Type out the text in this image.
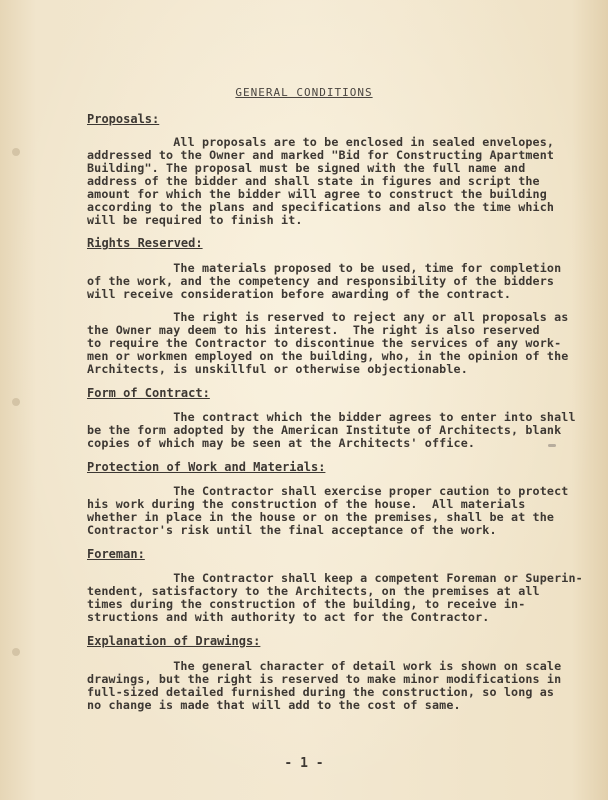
GENERAL CONDITIONS
Proposals:
All proposals are to be enclosed in sealed envelopes,
addressed to the Owner and marked "Bid for Constructing Apartment
Building". The proposal must be signed with the full name and
address of the bidder and shall state in figures and script the
amount for which the bidder will agree to construct the building
according to the plans and specifications and also the time which
will be required to finish it.
Rights Reserved:
The materials proposed to be used, time for completion
of the work, and the competency and responsibility of the bidders
will receive consideration before awarding of the contract.
The right is reserved to reject any or all proposals as
the Owner may deem to his interest.  The right is also reserved
to require the Contractor to discontinue the services of any work-
men or workmen employed on the building, who, in the opinion of the
Architects, is unskillful or otherwise objectionable.
Form of Contract:
The contract which the bidder agrees to enter into shall
be the form adopted by the American Institute of Architects, blank
copies of which may be seen at the Architects' office.
Protection of Work and Materials:
The Contractor shall exercise proper caution to protect
his work during the construction of the house.  All materials
whether in place in the house or on the premises, shall be at the
Contractor's risk until the final acceptance of the work.
Foreman:
The Contractor shall keep a competent Foreman or Superin-
tendent, satisfactory to the Architects, on the premises at all
times during the construction of the building, to receive in-
structions and with authority to act for the Contractor.
Explanation of Drawings:
The general character of detail work is shown on scale
drawings, but the right is reserved to make minor modifications in
full-sized detailed furnished during the construction, so long as
no change is made that will add to the cost of same.
- 1 -
